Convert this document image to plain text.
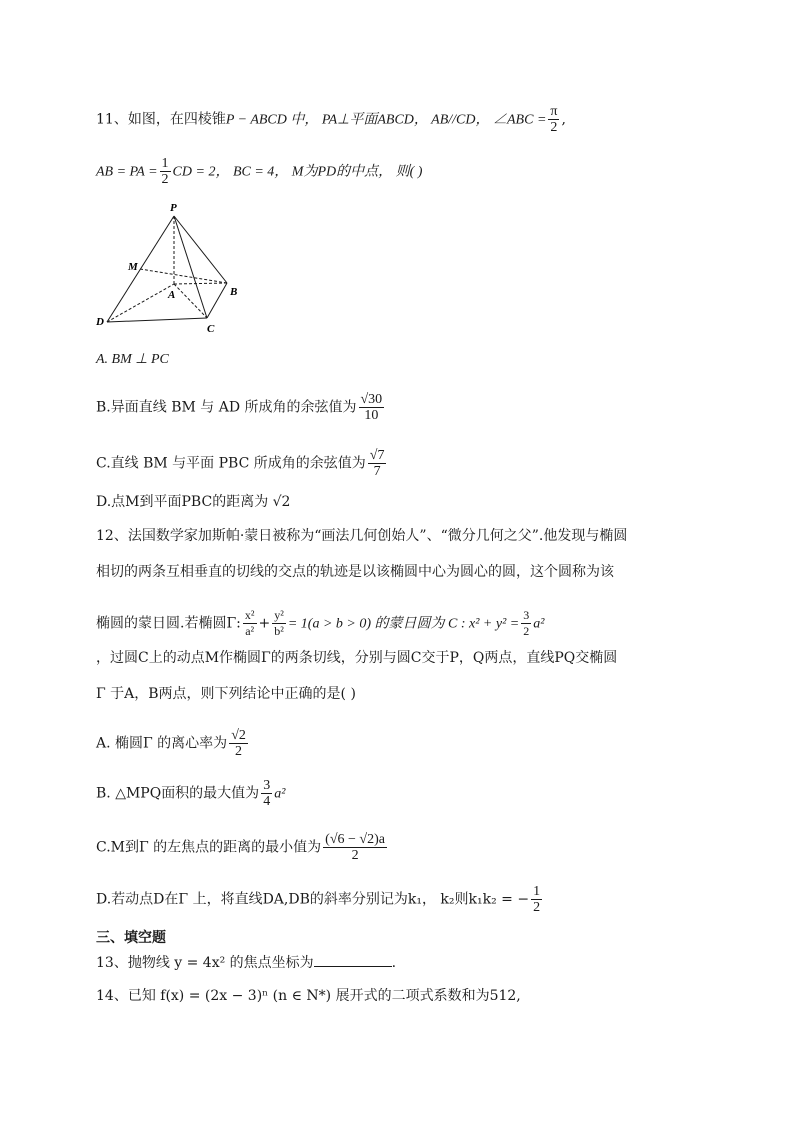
11、如图，在四棱锥P − ABCD 中， PA⊥平面ABCD， AB//CD， ∠ABC = $\frac{\pi}{2}$ ,
AB = PA = $\frac{1}{2}$ CD = 2， BC = 4， M为PD的中点， 则( )
P
M
A	B
D
C
A. BM ⊥ PC
B.异面直线 BM 与 AD 所成角的余弦值为 $\frac{√30}{10}$
C.直线 BM 与平面 PBC 所成角的余弦值为 $\frac{√7}{7}$
D.点M到平面PBC的距离为 √2
12、法国数学家加斯帕·蒙日被称为“画法几何创始人”、“微分几何之父”.他发现与椭圆
相切的两条互相垂直的切线的交点的轨迹是以该椭圆中心为圆心的圆，这个圆称为该
椭圆的蒙日圆.若椭圆Γ: $\frac{\text{x²}}{\text{a²}} + \frac{\text{y²}}{\text{b²}} = 1(a > b > 0)$ 的蒙日圆为 C : $x^2 + y^2 = \frac{3}{2} a^2$
，过圆C上的动点M作椭圆Γ的两条切线，分别与圆C交于P，Q两点，直线PQ交椭圆
Γ 于A，B两点，则下列结论中正确的是( )
A. 椭圆Γ 的离心率为 $\frac{√2}{2}$
B. △MPQ面积的最大值为 $\frac{3}{4} a^2$
C.M到Γ 的左焦点的距离的最小值为 $\frac{(√6 - √2)a}{2}$
D.若动点D在Γ 上，将直线DA,DB的斜率分别记为k₁， k₂则k₁k₂ = − $\frac{1}{2}$
三、填空题
13、抛物线 y = 4x² 的焦点坐标为	.
14、已知 f(x) = (2x − 3)ⁿ (n ∈ N*) 展开式的二项式系数和为512,
